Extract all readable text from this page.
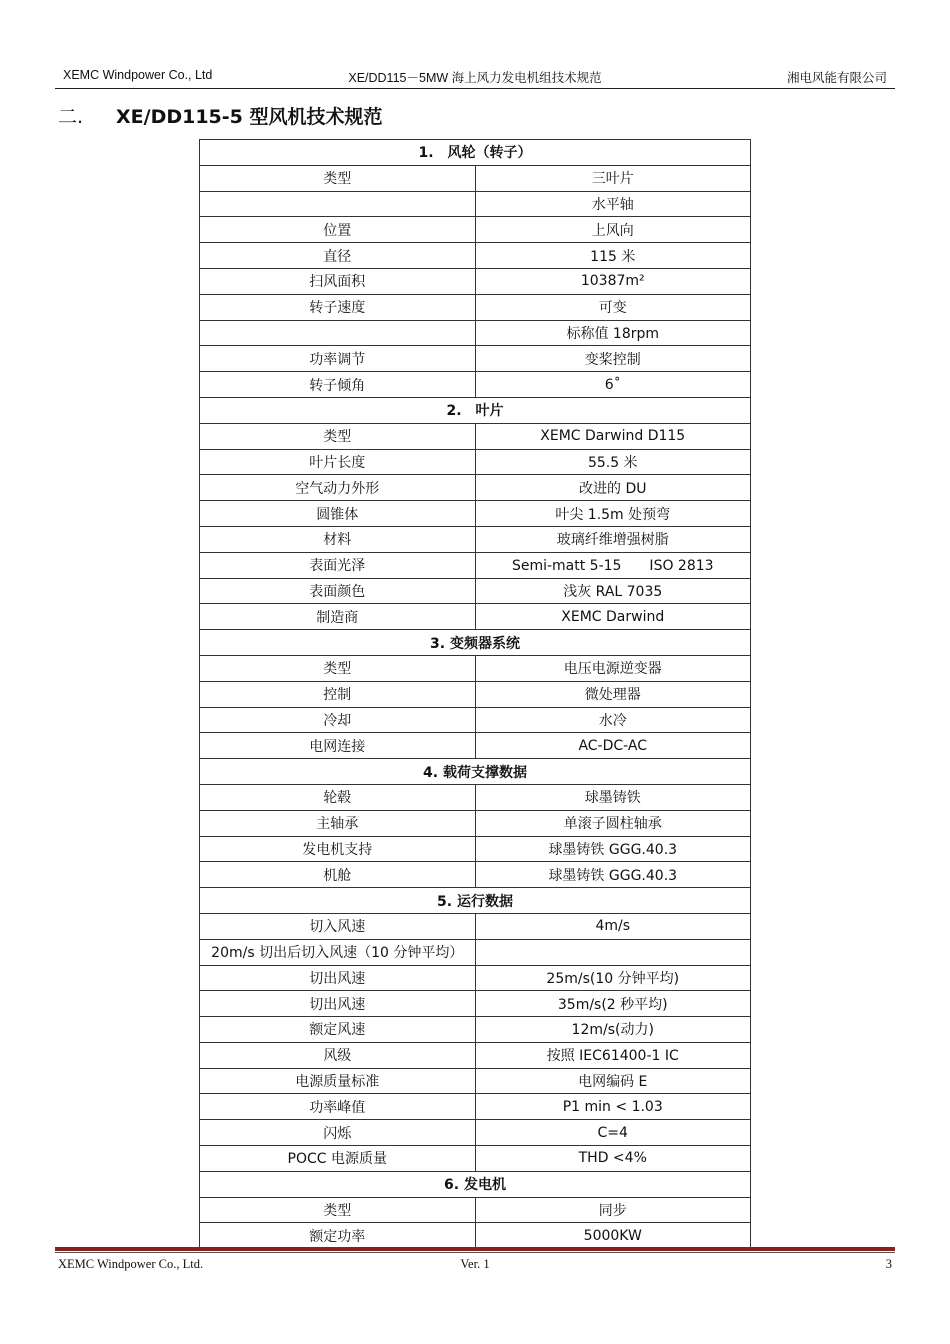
XEMC Windpower Co., Ltd	XE/DD115－5MW 海上风力发电机组技术规范	湘电风能有限公司
二. XE/DD115-5 型风机技术规范
1.　风轮（转子）	
类型	三叶片
	水平轴
位置	上风向
直径	115 米
扫风面积	10387m²
转子速度	可变
	标称值 18rpm
功率调节	变桨控制
转子倾角	6˚
2.　叶片	
类型	XEMC Darwind D115
叶片长度	55.5 米
空气动力外形	改进的 DU
圆锥体	叶尖 1.5m 处预弯
材料	玻璃纤维增强树脂
表面光泽	Semi-matt 5-15　　ISO 2813
表面颜色	浅灰 RAL 7035
制造商	XEMC Darwind
3. 变频器系统	
类型	电压电源逆变器
控制	微处理器
冷却	水冷
电网连接	AC-DC-AC
4. 载荷支撑数据	
轮毂	球墨铸铁
主轴承	单滚子圆柱轴承
发电机支持	球墨铸铁 GGG.40.3
机舱	球墨铸铁 GGG.40.3
5. 运行数据	
切入风速	4m/s
20m/s 切出后切入风速（10 分钟平均）	
切出风速	25m/s(10 分钟平均)
切出风速	35m/s(2 秒平均)
额定风速	12m/s(动力)
风级	按照 IEC61400-1 IC
电源质量标准	电网编码 E
功率峰值	P1 min < 1.03
闪烁	C=4
POCC 电源质量	THD <4%
6. 发电机	
类型	同步
额定功率	5000KW
XEMC Windpower Co., Ltd.	Ver. 1	3
